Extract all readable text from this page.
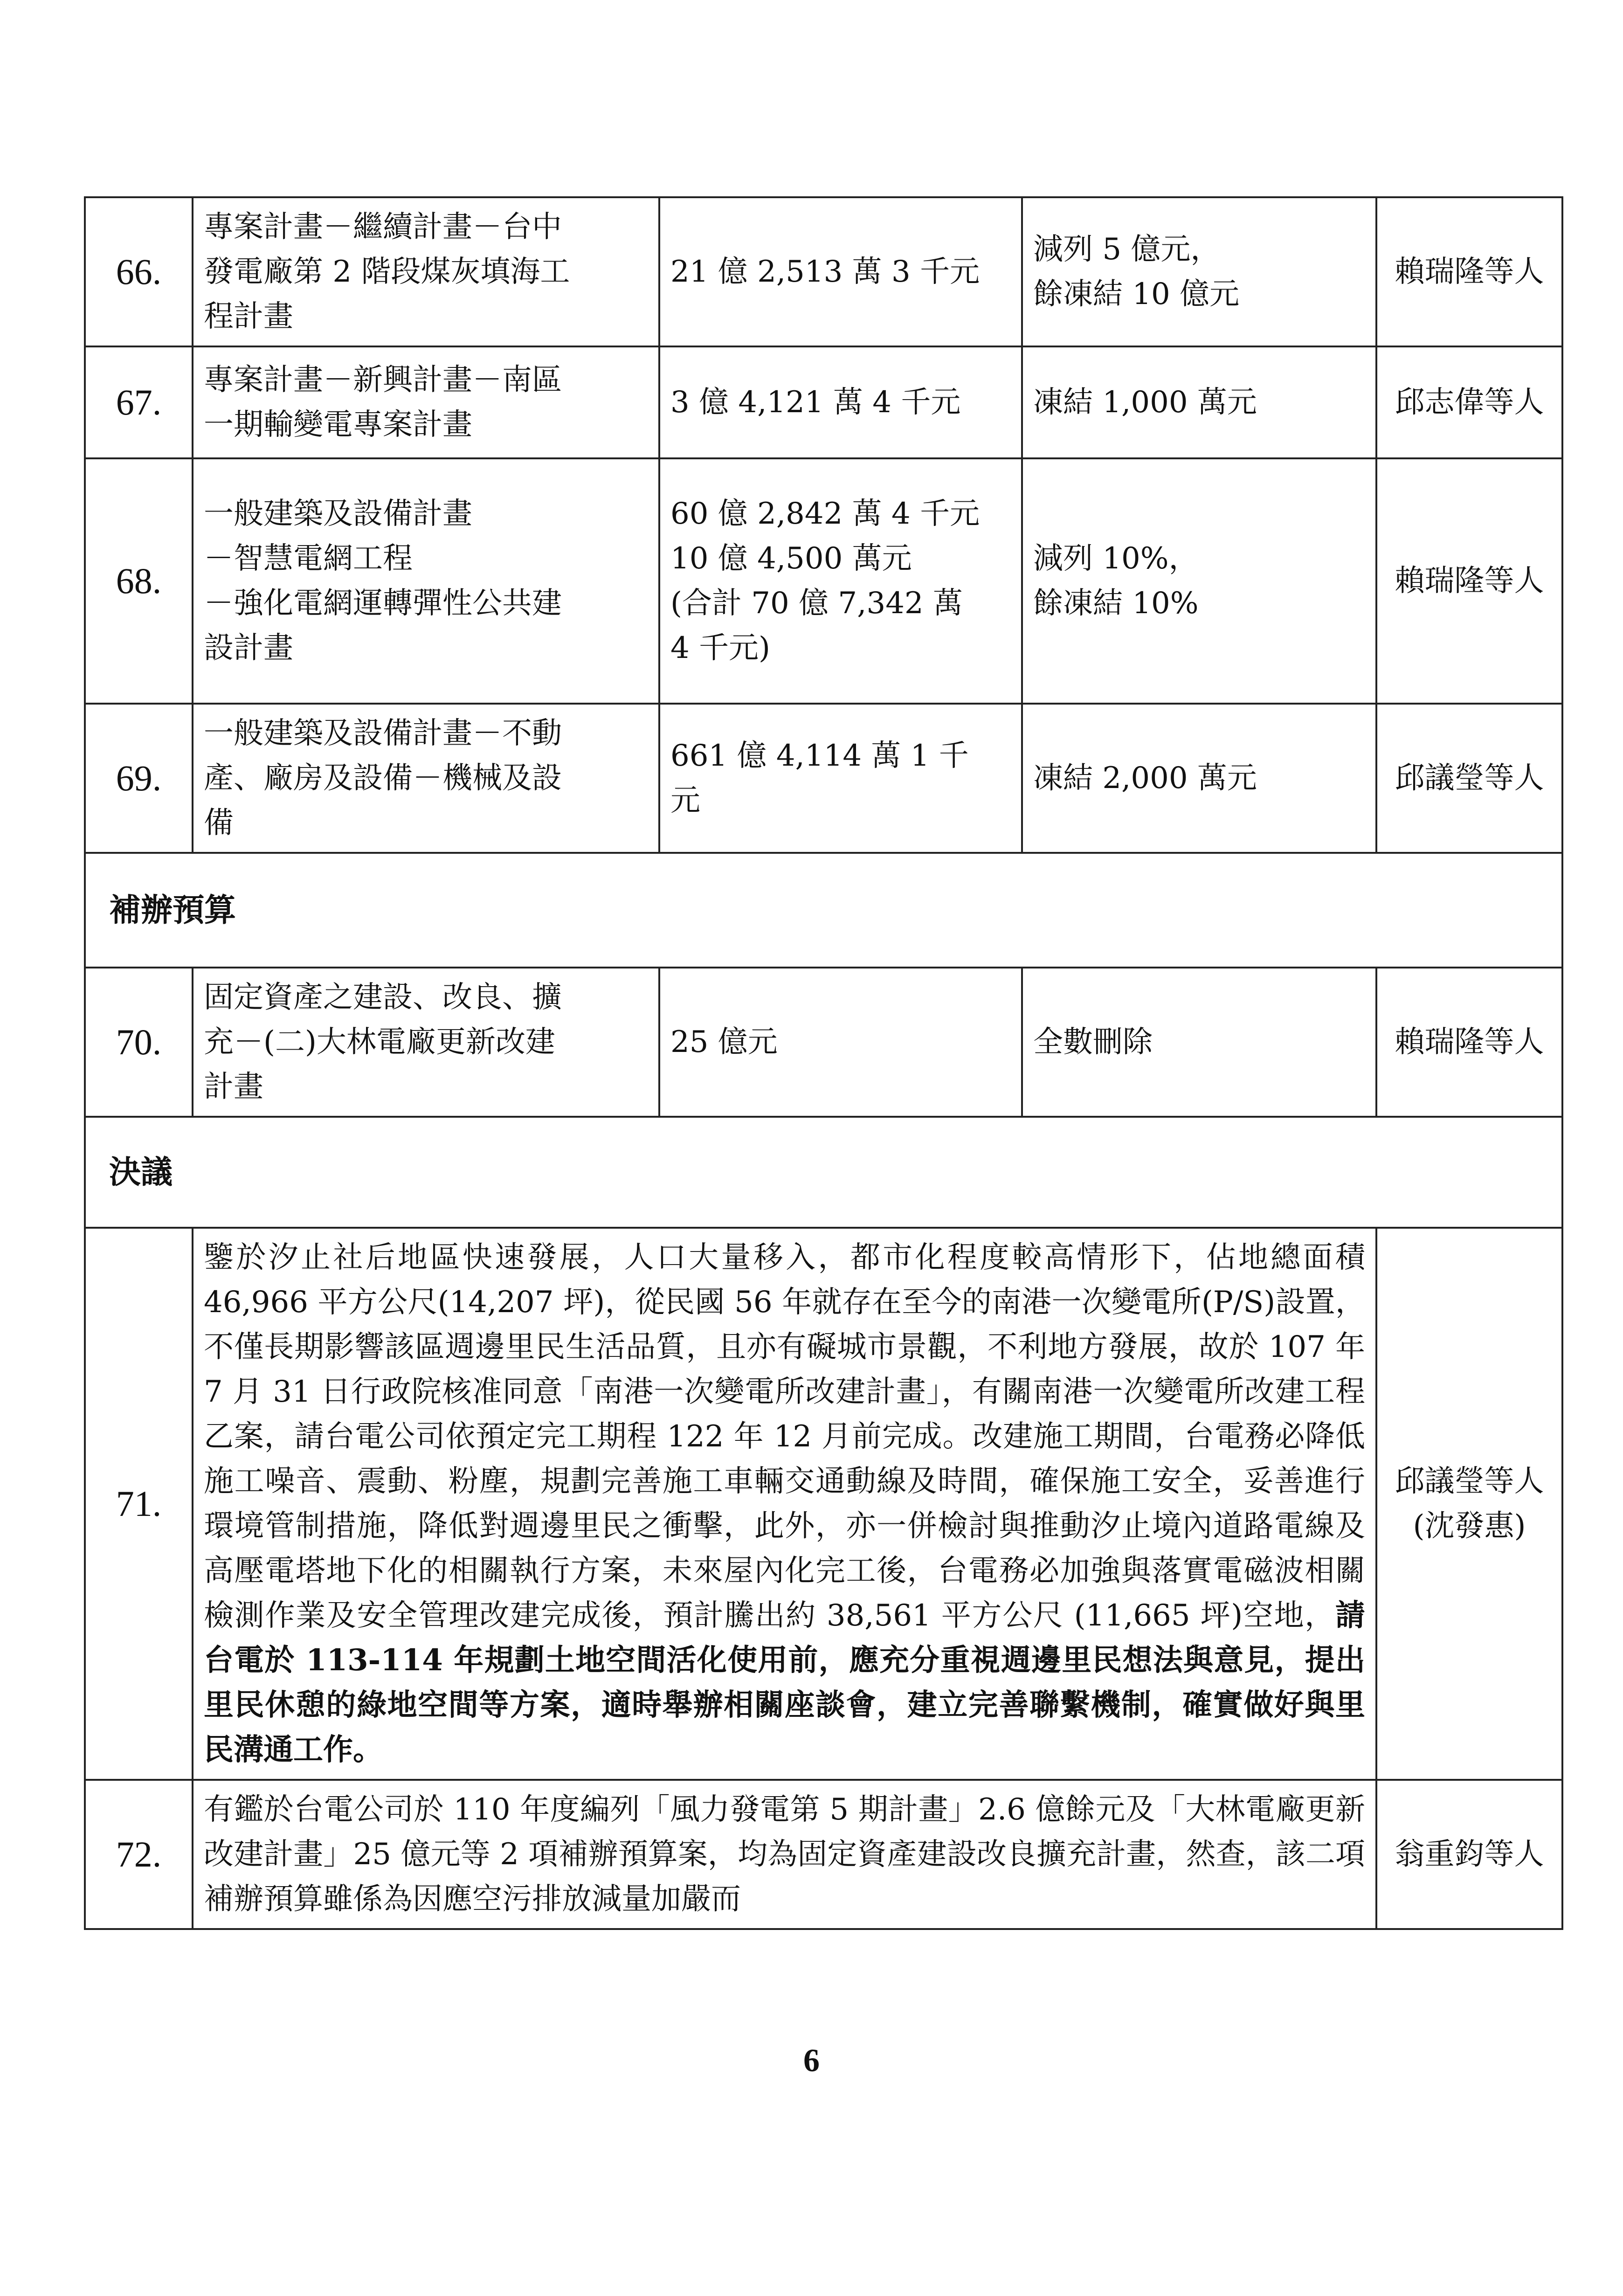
66.	專案計畫－繼續計畫－台中
發電廠第 2 階段煤灰填海工
程計畫	21 億 2,513 萬 3 千元	減列 5 億元，
餘凍結 10 億元	賴瑞隆等人

67.	專案計畫－新興計畫－南區
一期輸變電專案計畫	3 億 4,121 萬 4 千元	凍結 1,000 萬元	邱志偉等人

68.	一般建築及設備計畫
－智慧電網工程
－強化電網運轉彈性公共建
設計畫	60 億 2,842 萬 4 千元
10 億 4,500 萬元
(合計 70 億 7,342 萬
4 千元)	減列 10%，
餘凍結 10%	賴瑞隆等人

69.	一般建築及設備計畫－不動
產、廠房及設備－機械及設
備	661 億 4,114 萬 1 千
元	凍結 2,000 萬元	邱議瑩等人

補辦預算				
70.	固定資產之建設、改良、擴
充－(二)大林電廠更新改建
計畫	25 億元	全數刪除	賴瑞隆等人

決議				
71.	鑒於汐止社后地區快速發展，人口大量移入，都市化程度較高情形下，佔地總面積 46,966 平方公尺(14,207 坪)，從民國 56 年就存在至今的南港一次變電所(P/S)設置，不僅長期影響該區週邊里民生活品質，且亦有礙城市景觀，不利地方發展，故於 107 年 7 月 31 日行政院核准同意「南港一次變電所改建計畫」，有關南港一次變電所改建工程乙案，請台電公司依預定完工期程 122 年 12 月前完成。改建施工期間，台電務必降低施工噪音、震動、粉塵，規劃完善施工車輛交通動線及時間，確保施工安全，妥善進行環境管制措施，降低對週邊里民之衝擊，此外，亦一併檢討與推動汐止境內道路電線及高壓電塔地下化的相關執行方案，未來屋內化完工後，台電務必加強與落實電磁波相關檢測作業及安全管理改建完成後，預計騰出約 38,561 平方公尺 (11,665 坪)空地，請台電於 113-114 年規劃土地空間活化使用前，應充分重視週邊里民想法與意見，提出里民休憩的綠地空間等方案，適時舉辦相關座談會，建立完善聯繫機制，確實做好與里民溝通工作。			邱議瑩等人
(沈發惠)

72.	有鑑於台電公司於 110 年度編列「風力發電第 5 期計畫」2.6 億餘元及「大林電廠更新改建計畫」25 億元等 2 項補辦預算案，均為固定資產建設改良擴充計畫，然查，該二項補辦預算雖係為因應空污排放減量加嚴而			翁重鈞等人
6
